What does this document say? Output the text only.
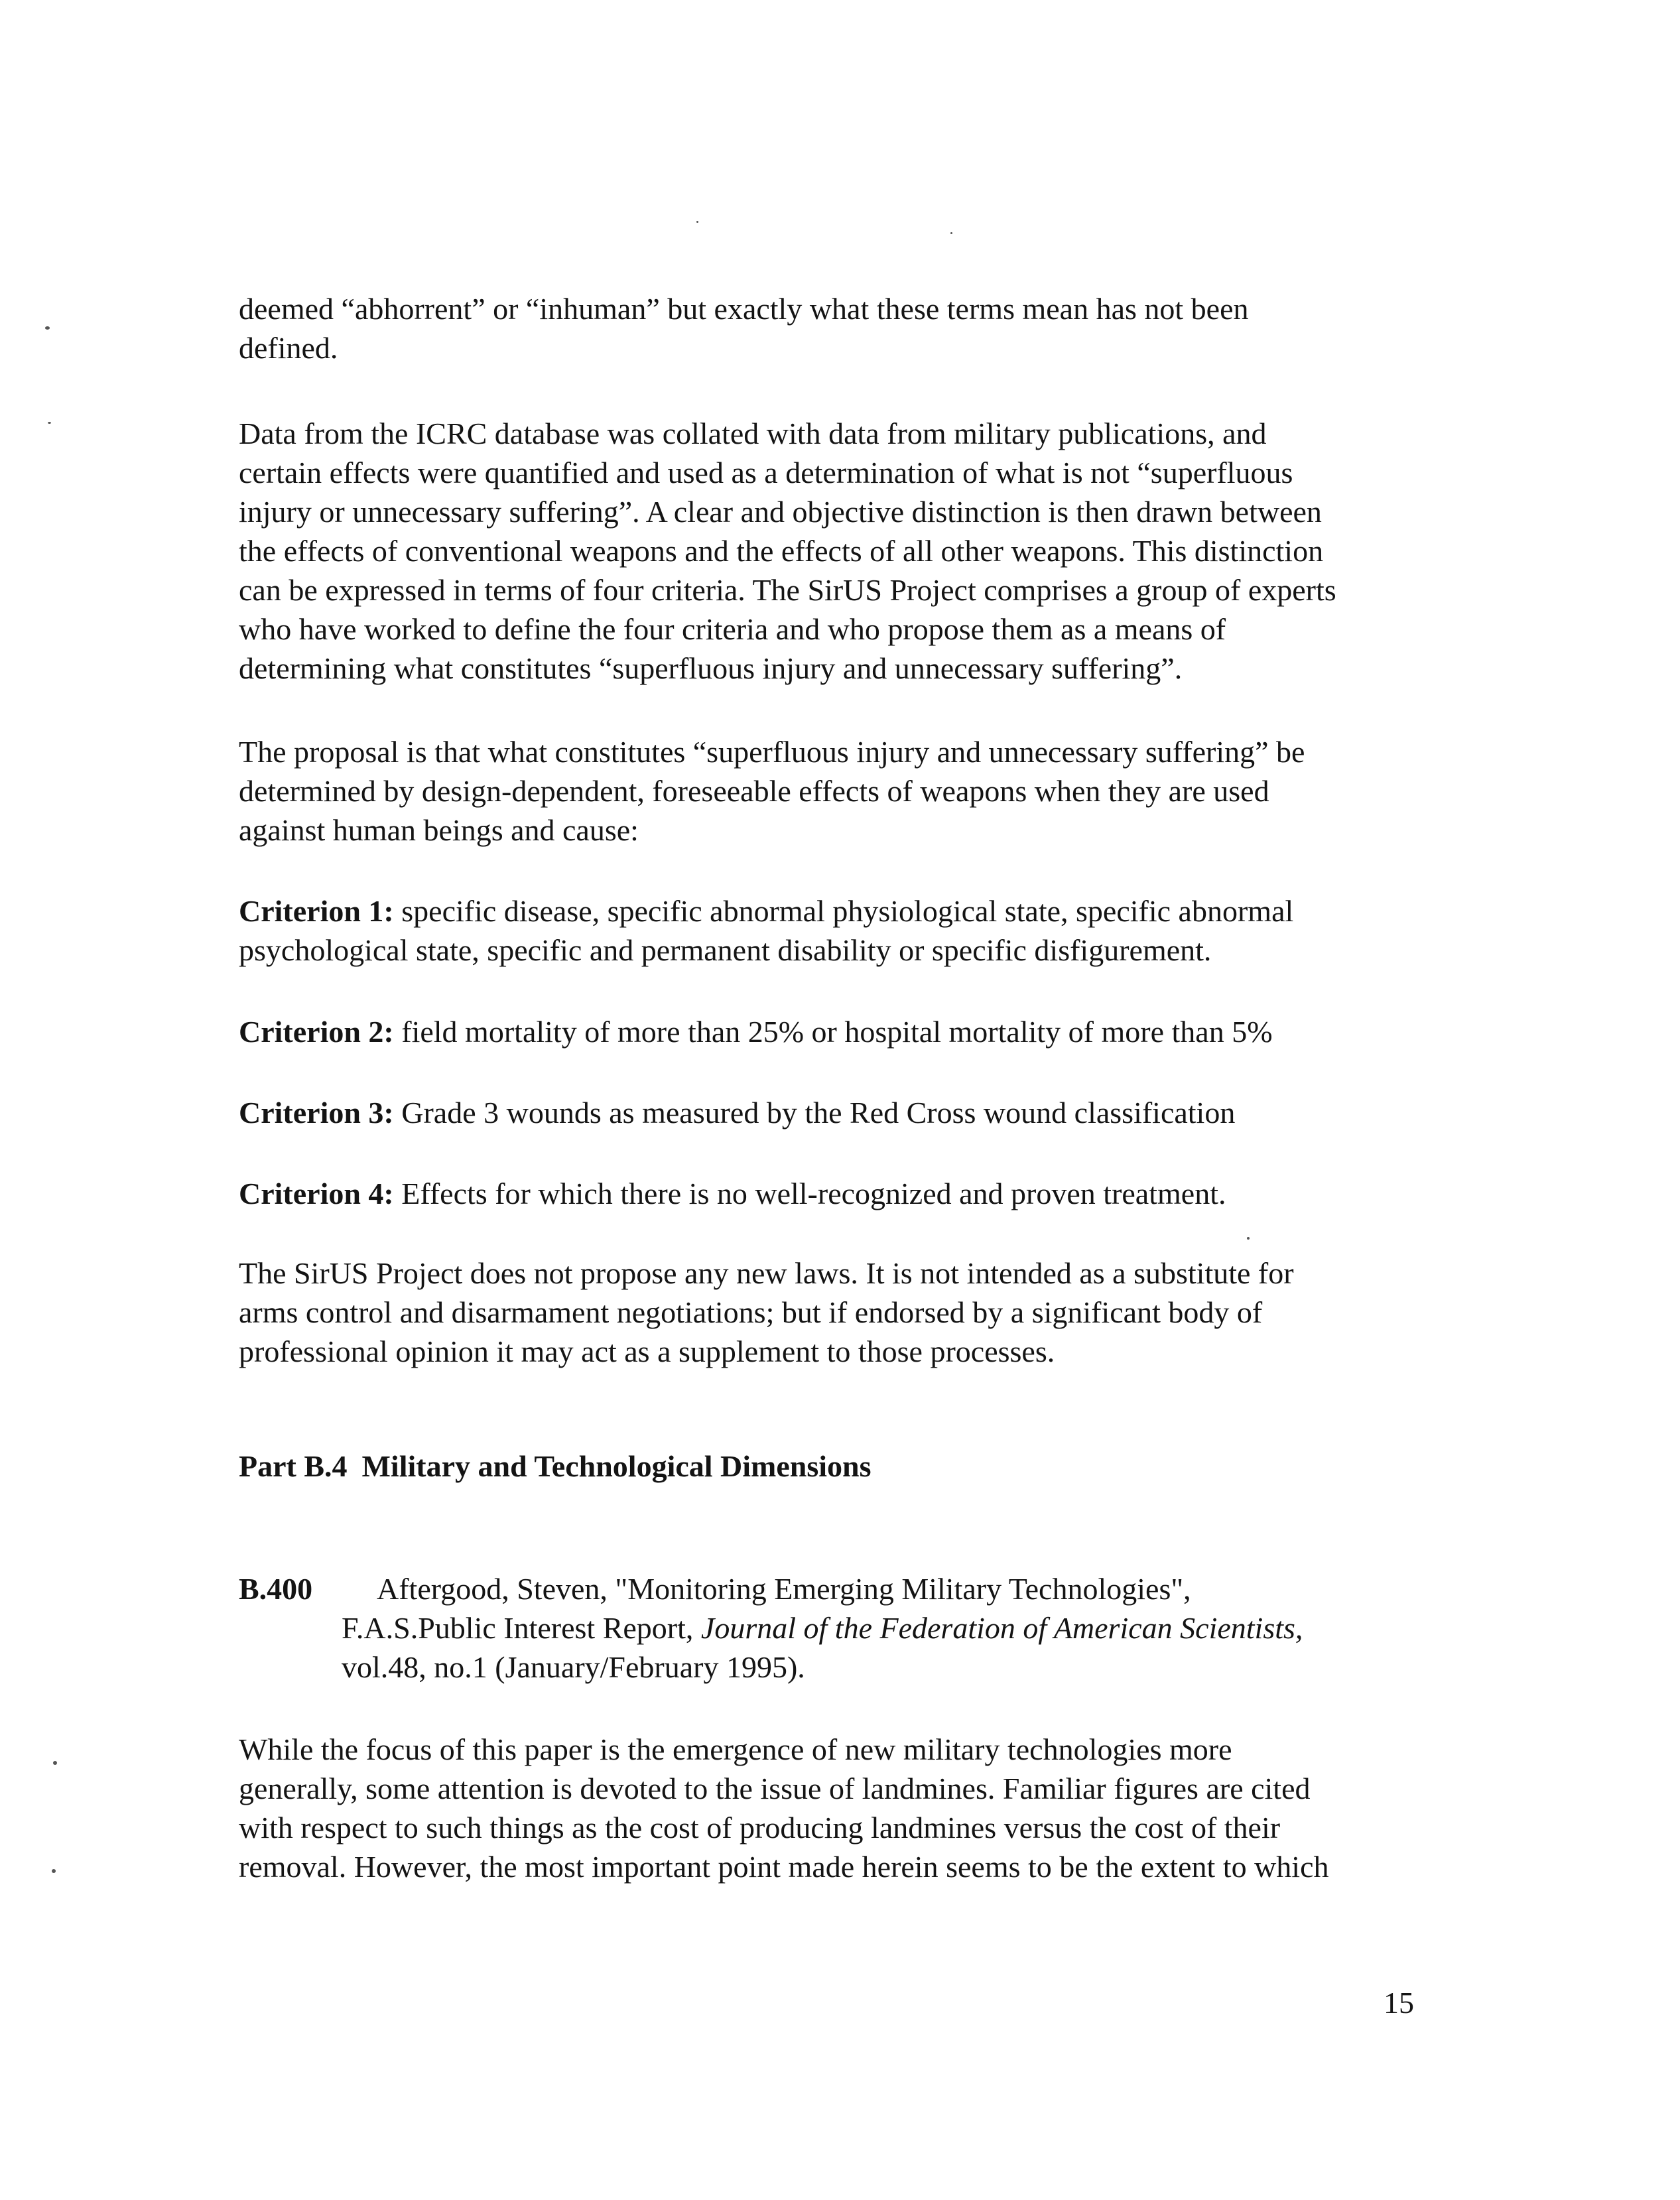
deemed “abhorrent” or “inhuman” but exactly what these terms mean has not been
defined.

Data from the ICRC database was collated with data from military publications, and
certain effects were quantified and used as a determination of what is not “superfluous
injury or unnecessary suffering”. A clear and objective distinction is then drawn between
the effects of conventional weapons and the effects of all other weapons. This distinction
can be expressed in terms of four criteria. The SirUS Project comprises a group of experts
who have worked to define the four criteria and who propose them as a means of
determining what constitutes “superfluous injury and unnecessary suffering”.

The proposal is that what constitutes “superfluous injury and unnecessary suffering” be
determined by design-dependent, foreseeable effects of weapons when they are used
against human beings and cause:

Criterion 1: specific disease, specific abnormal physiological state, specific abnormal
psychological state, specific and permanent disability or specific disfigurement.

Criterion 2: field mortality of more than 25% or hospital mortality of more than 5%

Criterion 3: Grade 3 wounds as measured by the Red Cross wound classification

Criterion 4: Effects for which there is no well-recognized and proven treatment.

The SirUS Project does not propose any new laws. It is not intended as a substitute for
arms control and disarmament negotiations; but if endorsed by a significant body of
professional opinion it may act as a supplement to those processes.

Part B.4 Military and Technological Dimensions
B.400 Aftergood, Steven, "Monitoring Emerging Military Technologies",
F.A.S.Public Interest Report, Journal of the Federation of American Scientists,
vol.48, no.1 (January/February 1995).

While the focus of this paper is the emergence of new military technologies more
generally, some attention is devoted to the issue of landmines. Familiar figures are cited
with respect to such things as the cost of producing landmines versus the cost of their
removal. However, the most important point made herein seems to be the extent to which

15
